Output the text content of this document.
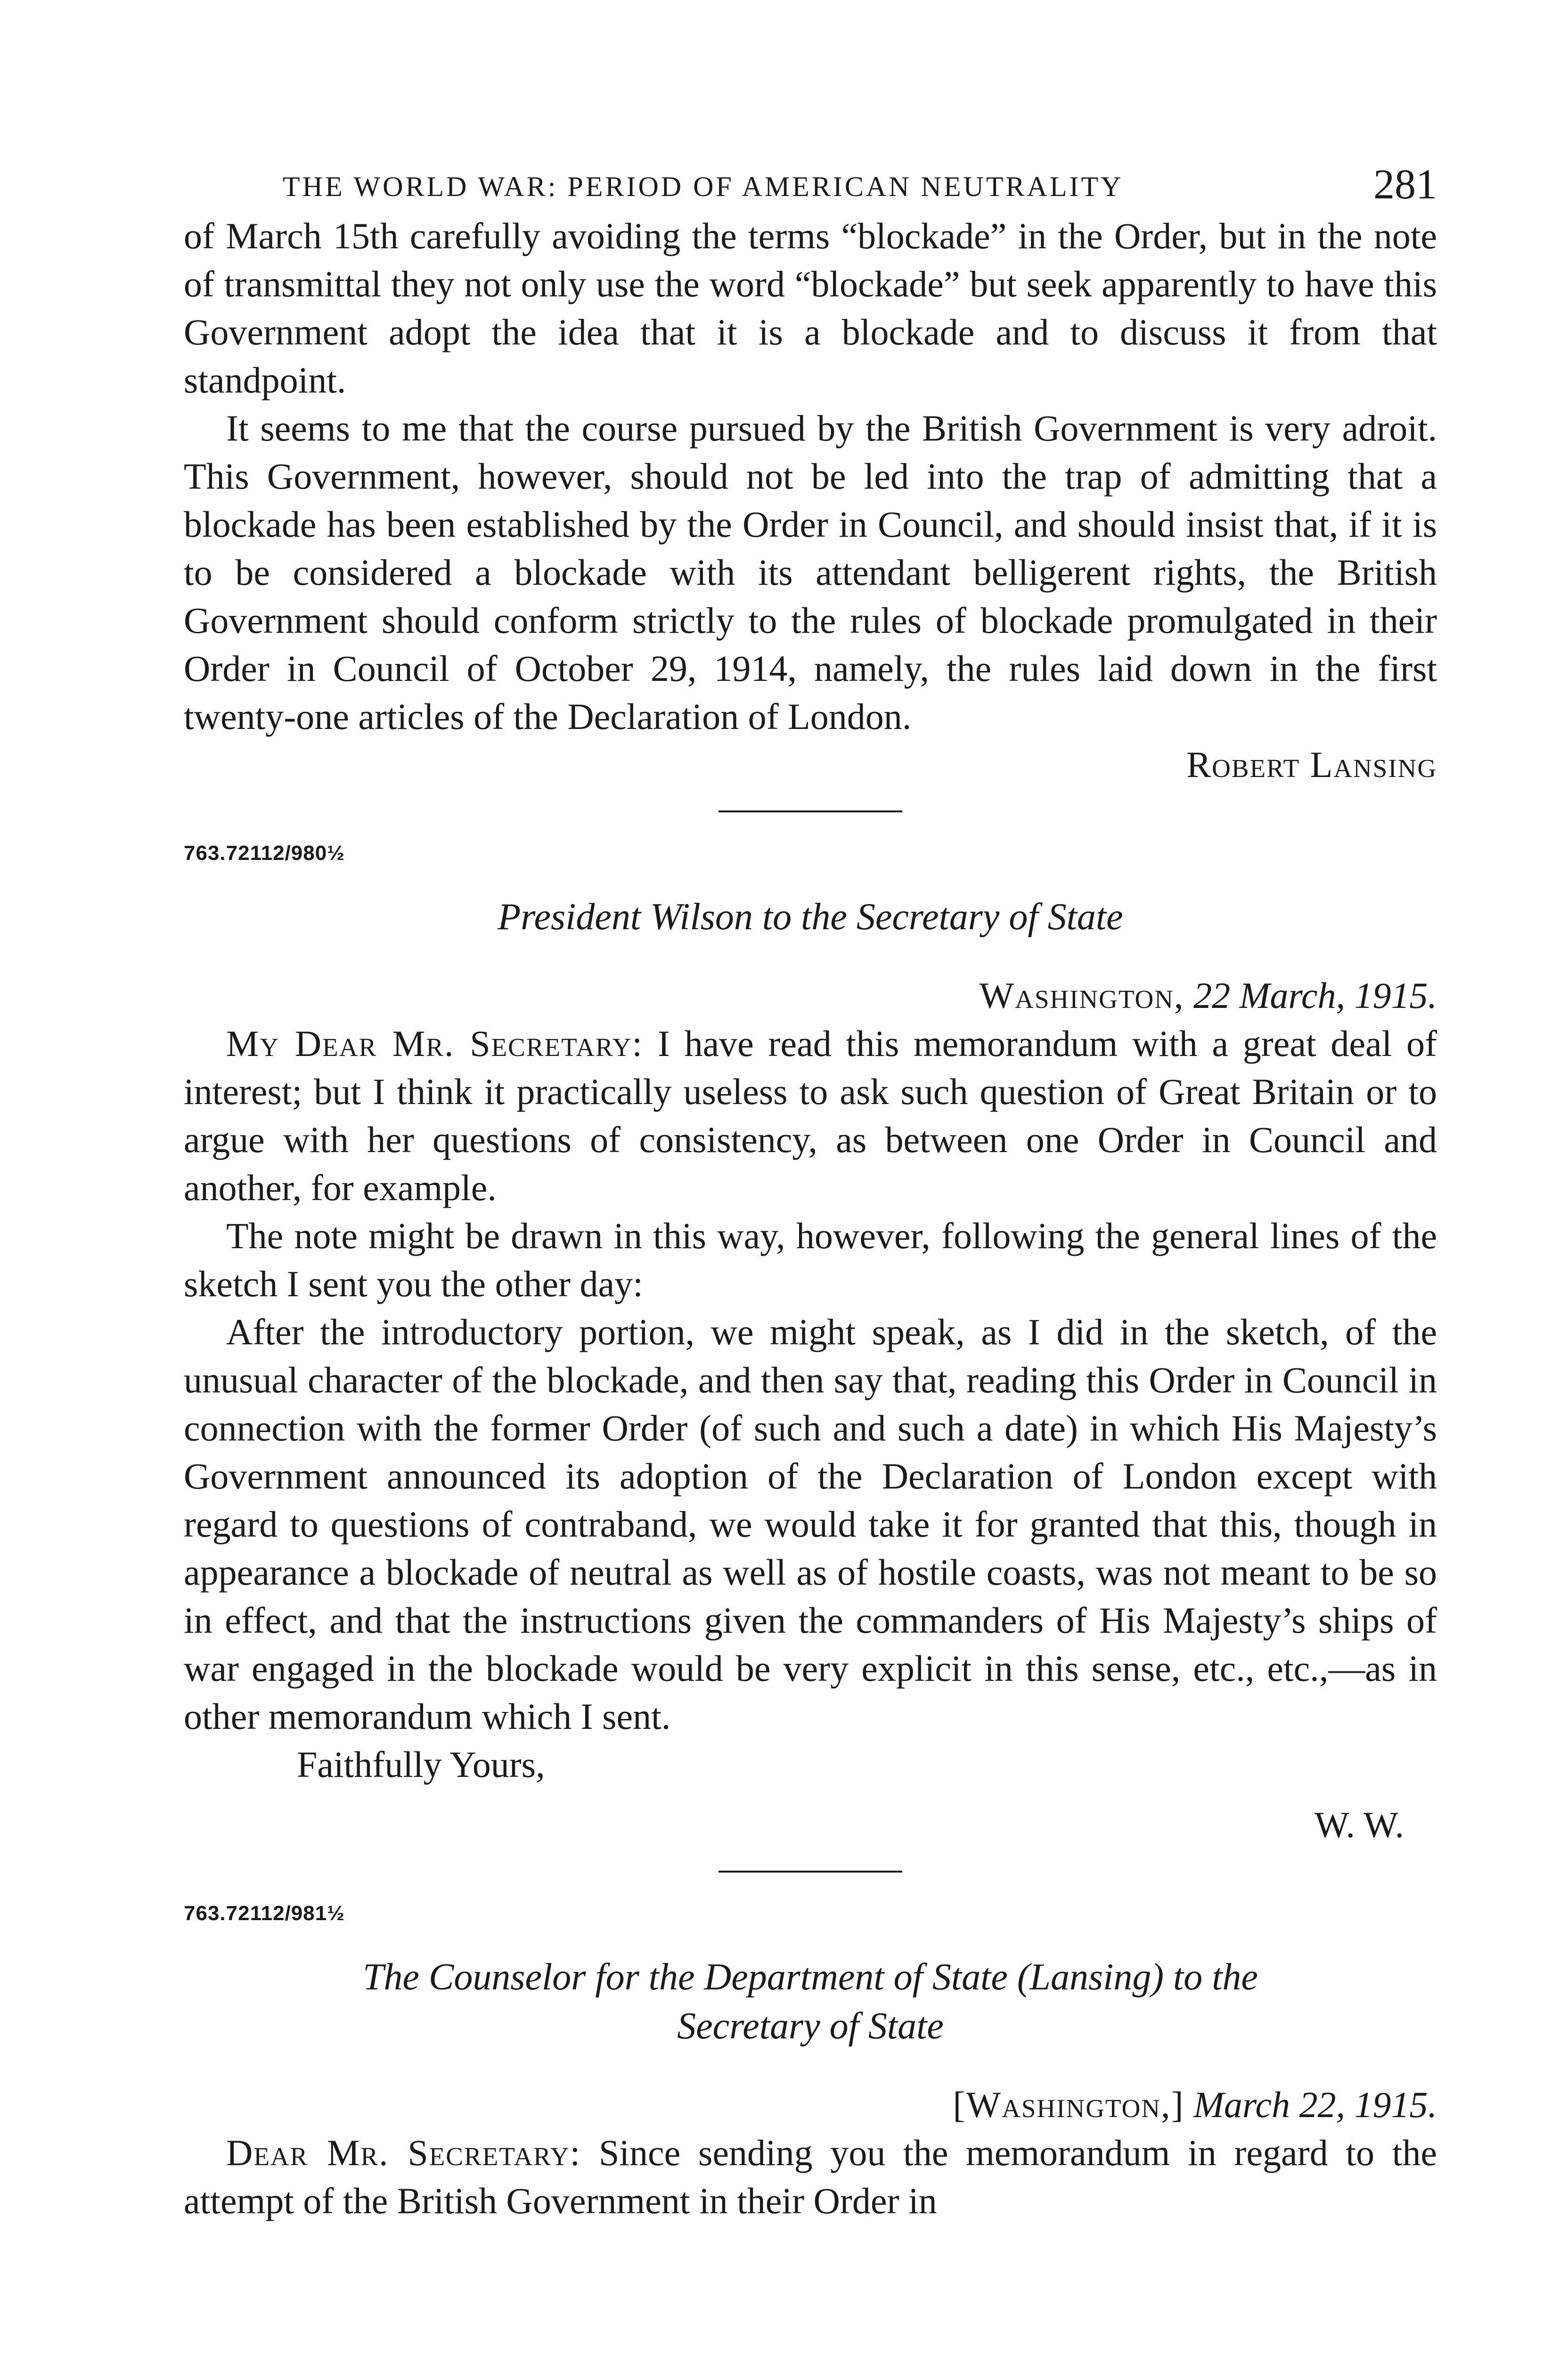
THE WORLD WAR: PERIOD OF AMERICAN NEUTRALITY	281

of March 15th carefully avoiding the terms “blockade” in the Order, but in the note of transmittal they not only use the word “blockade” but seek apparently to have this Government adopt the idea that it is a blockade and to discuss it from that standpoint.

It seems to me that the course pursued by the British Government is very adroit. This Government, however, should not be led into the trap of admitting that a blockade has been established by the Order in Council, and should insist that, if it is to be considered a blockade with its attendant belligerent rights, the British Government should conform strictly to the rules of blockade promulgated in their Order in Council of October 29, 1914, namely, the rules laid down in the first twenty-one articles of the Declaration of London.

Robert Lansing

763.72112/980½
President Wilson to the Secretary of State

Washington, 22 March, 1915.

My Dear Mr. Secretary: I have read this memorandum with a great deal of interest; but I think it practically useless to ask such question of Great Britain or to argue with her questions of consistency, as between one Order in Council and another, for example.

The note might be drawn in this way, however, following the general lines of the sketch I sent you the other day:

After the introductory portion, we might speak, as I did in the sketch, of the unusual character of the blockade, and then say that, reading this Order in Council in connection with the former Order (of such and such a date) in which His Majesty’s Government announced its adoption of the Declaration of London except with regard to questions of contraband, we would take it for granted that this, though in appearance a blockade of neutral as well as of hostile coasts, was not meant to be so in effect, and that the instructions given the commanders of His Majesty’s ships of war engaged in the blockade would be very explicit in this sense, etc., etc.,—as in other memorandum which I sent.

Faithfully Yours,

W. W.

763.72112/981½
The Counselor for the Department of State (Lansing) to the
Secretary of State

[Washington,] March 22, 1915.

Dear Mr. Secretary: Since sending you the memorandum in regard to the attempt of the British Government in their Order in
